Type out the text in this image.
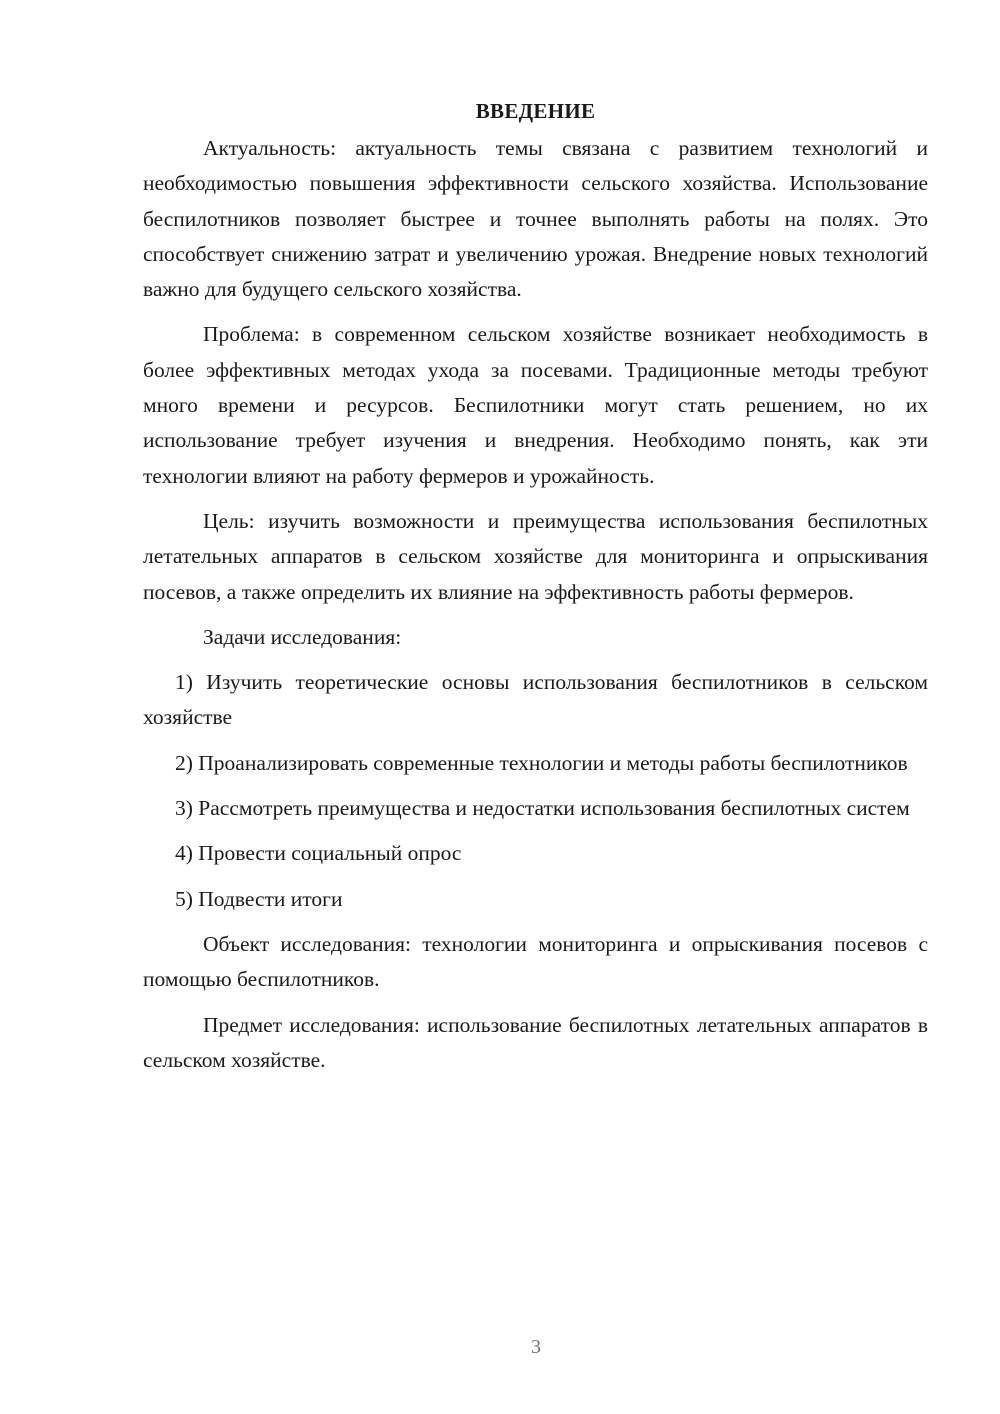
ВВЕДЕНИЕ

Актуальность: актуальность темы связана с развитием технологий и необходимостью повышения эффективности сельского хозяйства. Использование беспилотников позволяет быстрее и точнее выполнять работы на полях. Это способствует снижению затрат и увеличению урожая. Внедрение новых технологий важно для будущего сельского хозяйства.

Проблема: в современном сельском хозяйстве возникает необходимость в более эффективных методах ухода за посевами. Традиционные методы требуют много времени и ресурсов. Беспилотники могут стать решением, но их использование требует изучения и внедрения. Необходимо понять, как эти технологии влияют на работу фермеров и урожайность.

Цель: изучить возможности и преимущества использования беспилотных летательных аппаратов в сельском хозяйстве для мониторинга и опрыскивания посевов, а также определить их влияние на эффективность работы фермеров.

Задачи исследования:

1) Изучить теоретические основы использования беспилотников в сельском хозяйстве

2) Проанализировать современные технологии и методы работы беспилотников

3) Рассмотреть преимущества и недостатки использования беспилотных систем

4) Провести социальный опрос

5) Подвести итоги

Объект исследования: технологии мониторинга и опрыскивания посевов с помощью беспилотников.

Предмет исследования: использование беспилотных летательных аппаратов в сельском хозяйстве.

3
